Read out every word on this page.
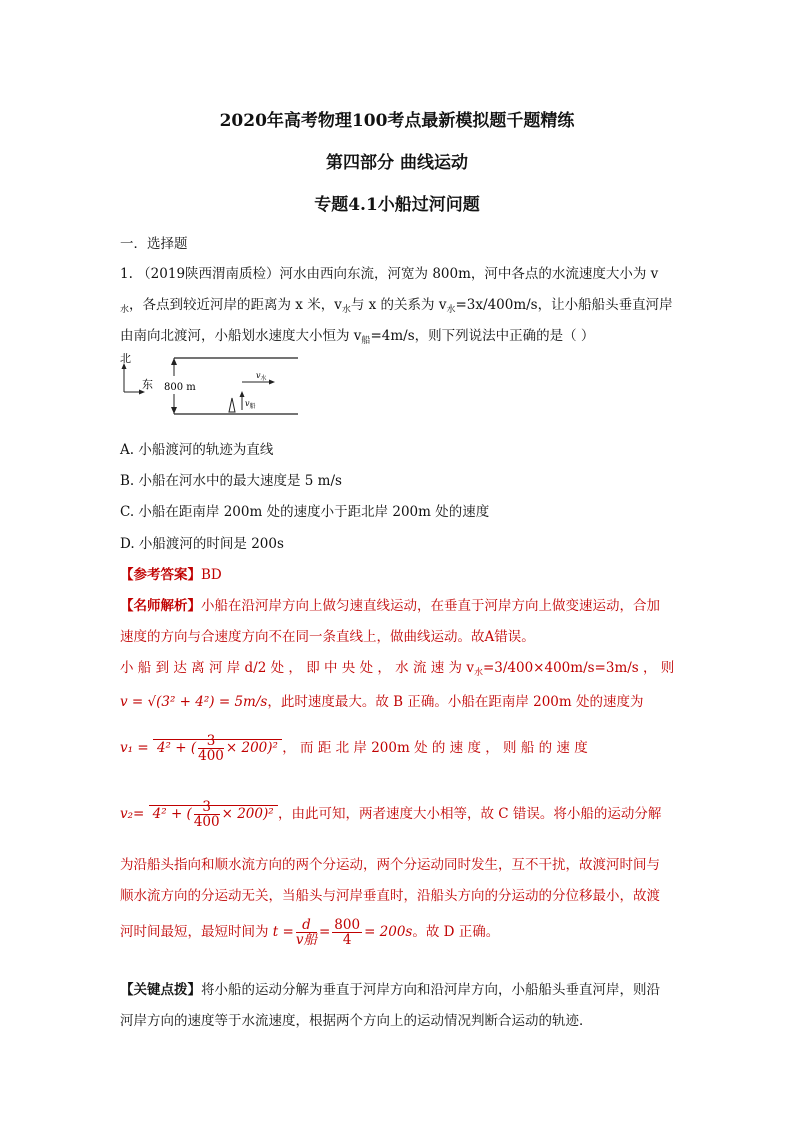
2020年高考物理100考点最新模拟题千题精练
第四部分 曲线运动
专题4.1小船过河问题
一．选择题
1. （2019陕西渭南质检）河水由西向东流，河宽为 800m，河中各点的水流速度大小为 v
$_水$，各点到较近河岸的距离为 x 米，$v_水$与 x 的关系为 $v_水=3x/400m/s$，让小船船头垂直河岸
由南向北渡河，小船划水速度大小恒为 $v_船=4m/s$，则下列说法中正确的是（ ）
800 m
北
东
$v_水$
$v_船$
A. 小船渡河的轨迹为直线
B. 小船在河水中的最大速度是 5 m/s
C. 小船在距南岸 200m 处的速度小于距北岸 200m 处的速度
D. 小船渡河的时间是 200s
【参考答案】BD
【名师解析】小船在沿河岸方向上做匀速直线运动，在垂直于河岸方向上做变速运动，合加
速度的方向与合速度方向不在同一条直线上，做曲线运动。故A错误。
小 船 到 达 离 河 岸 d/2 处 ， 即 中 央 处 ， 水 流 速 为 $v_水=3/400\times 400m/s=3m/s$ ， 则
v = √(3² + 4²) = 5m/s，此时速度最大。故 B 正确。小船在距南岸 200m 处的速度为
v₁ = 4² + ( $\frac{3}{400} \times 200)^2$ ， 而 距 北 岸 200m 处 的 速 度 ， 则 船 的 速 度
v₂= 4² + ( $\frac{3}{400} \times 200)^2$ ，由此可知，两者速度大小相等，故 C 错误。将小船的运动分解
为沿船头指向和顺水流方向的两个分运动，两个分运动同时发生，互不干扰，故渡河时间与
顺水流方向的分运动无关，当船头与河岸垂直时，沿船头方向的分运动的分位移最小，故渡
河时间最短，最短时间为 $t = \frac{d}{\text{v船}} = \frac{800}{4} = 200s$。故 D 正确。
【关键点拨】将小船的运动分解为垂直于河岸方向和沿河岸方向，小船船头垂直河岸，则沿
河岸方向的速度等于水流速度，根据两个方向上的运动情况判断合运动的轨迹．
